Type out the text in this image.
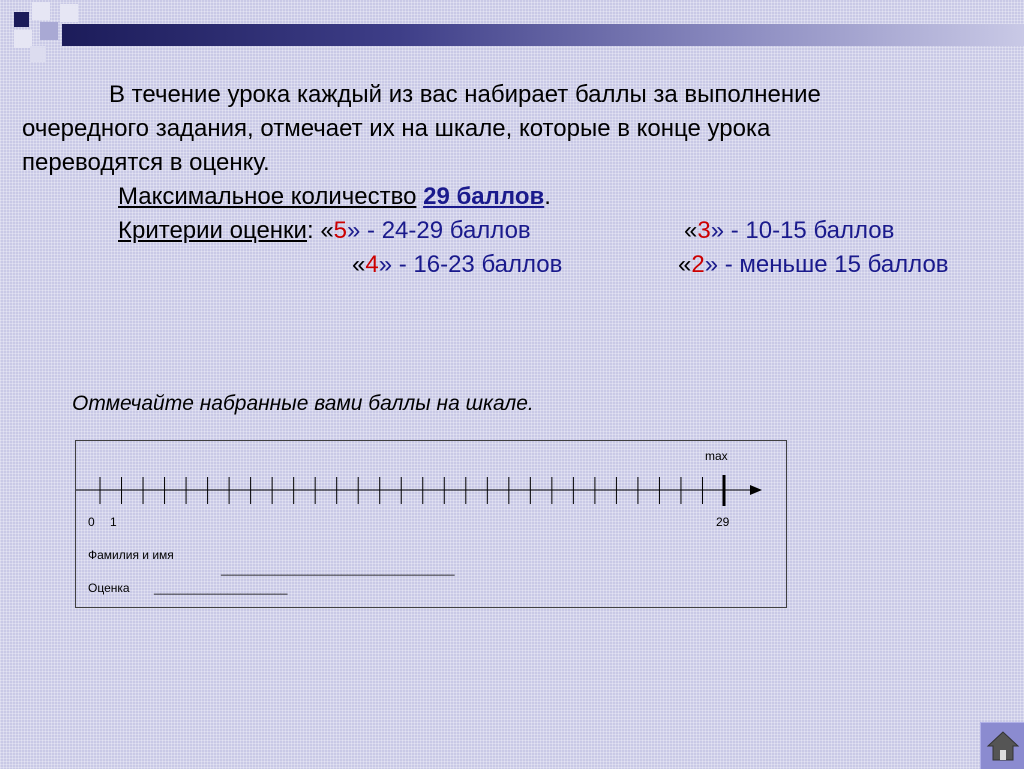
В течение урока каждый из вас набирает баллы за выполнение
очередного задания, отмечает их на шкале, которые в конце урока
переводятся в оценку.
Максимальное количество 29 баллов.
Критерии оценки: «5» - 24-29 баллов	«3» - 10-15 баллов
«4» - 16-23 баллов	«2» - меньше 15 баллов
Отмечайте набранные вами баллы на шкале.
max
0 1	29
Фамилия и имя
___________________________________
Оценка ____________________
